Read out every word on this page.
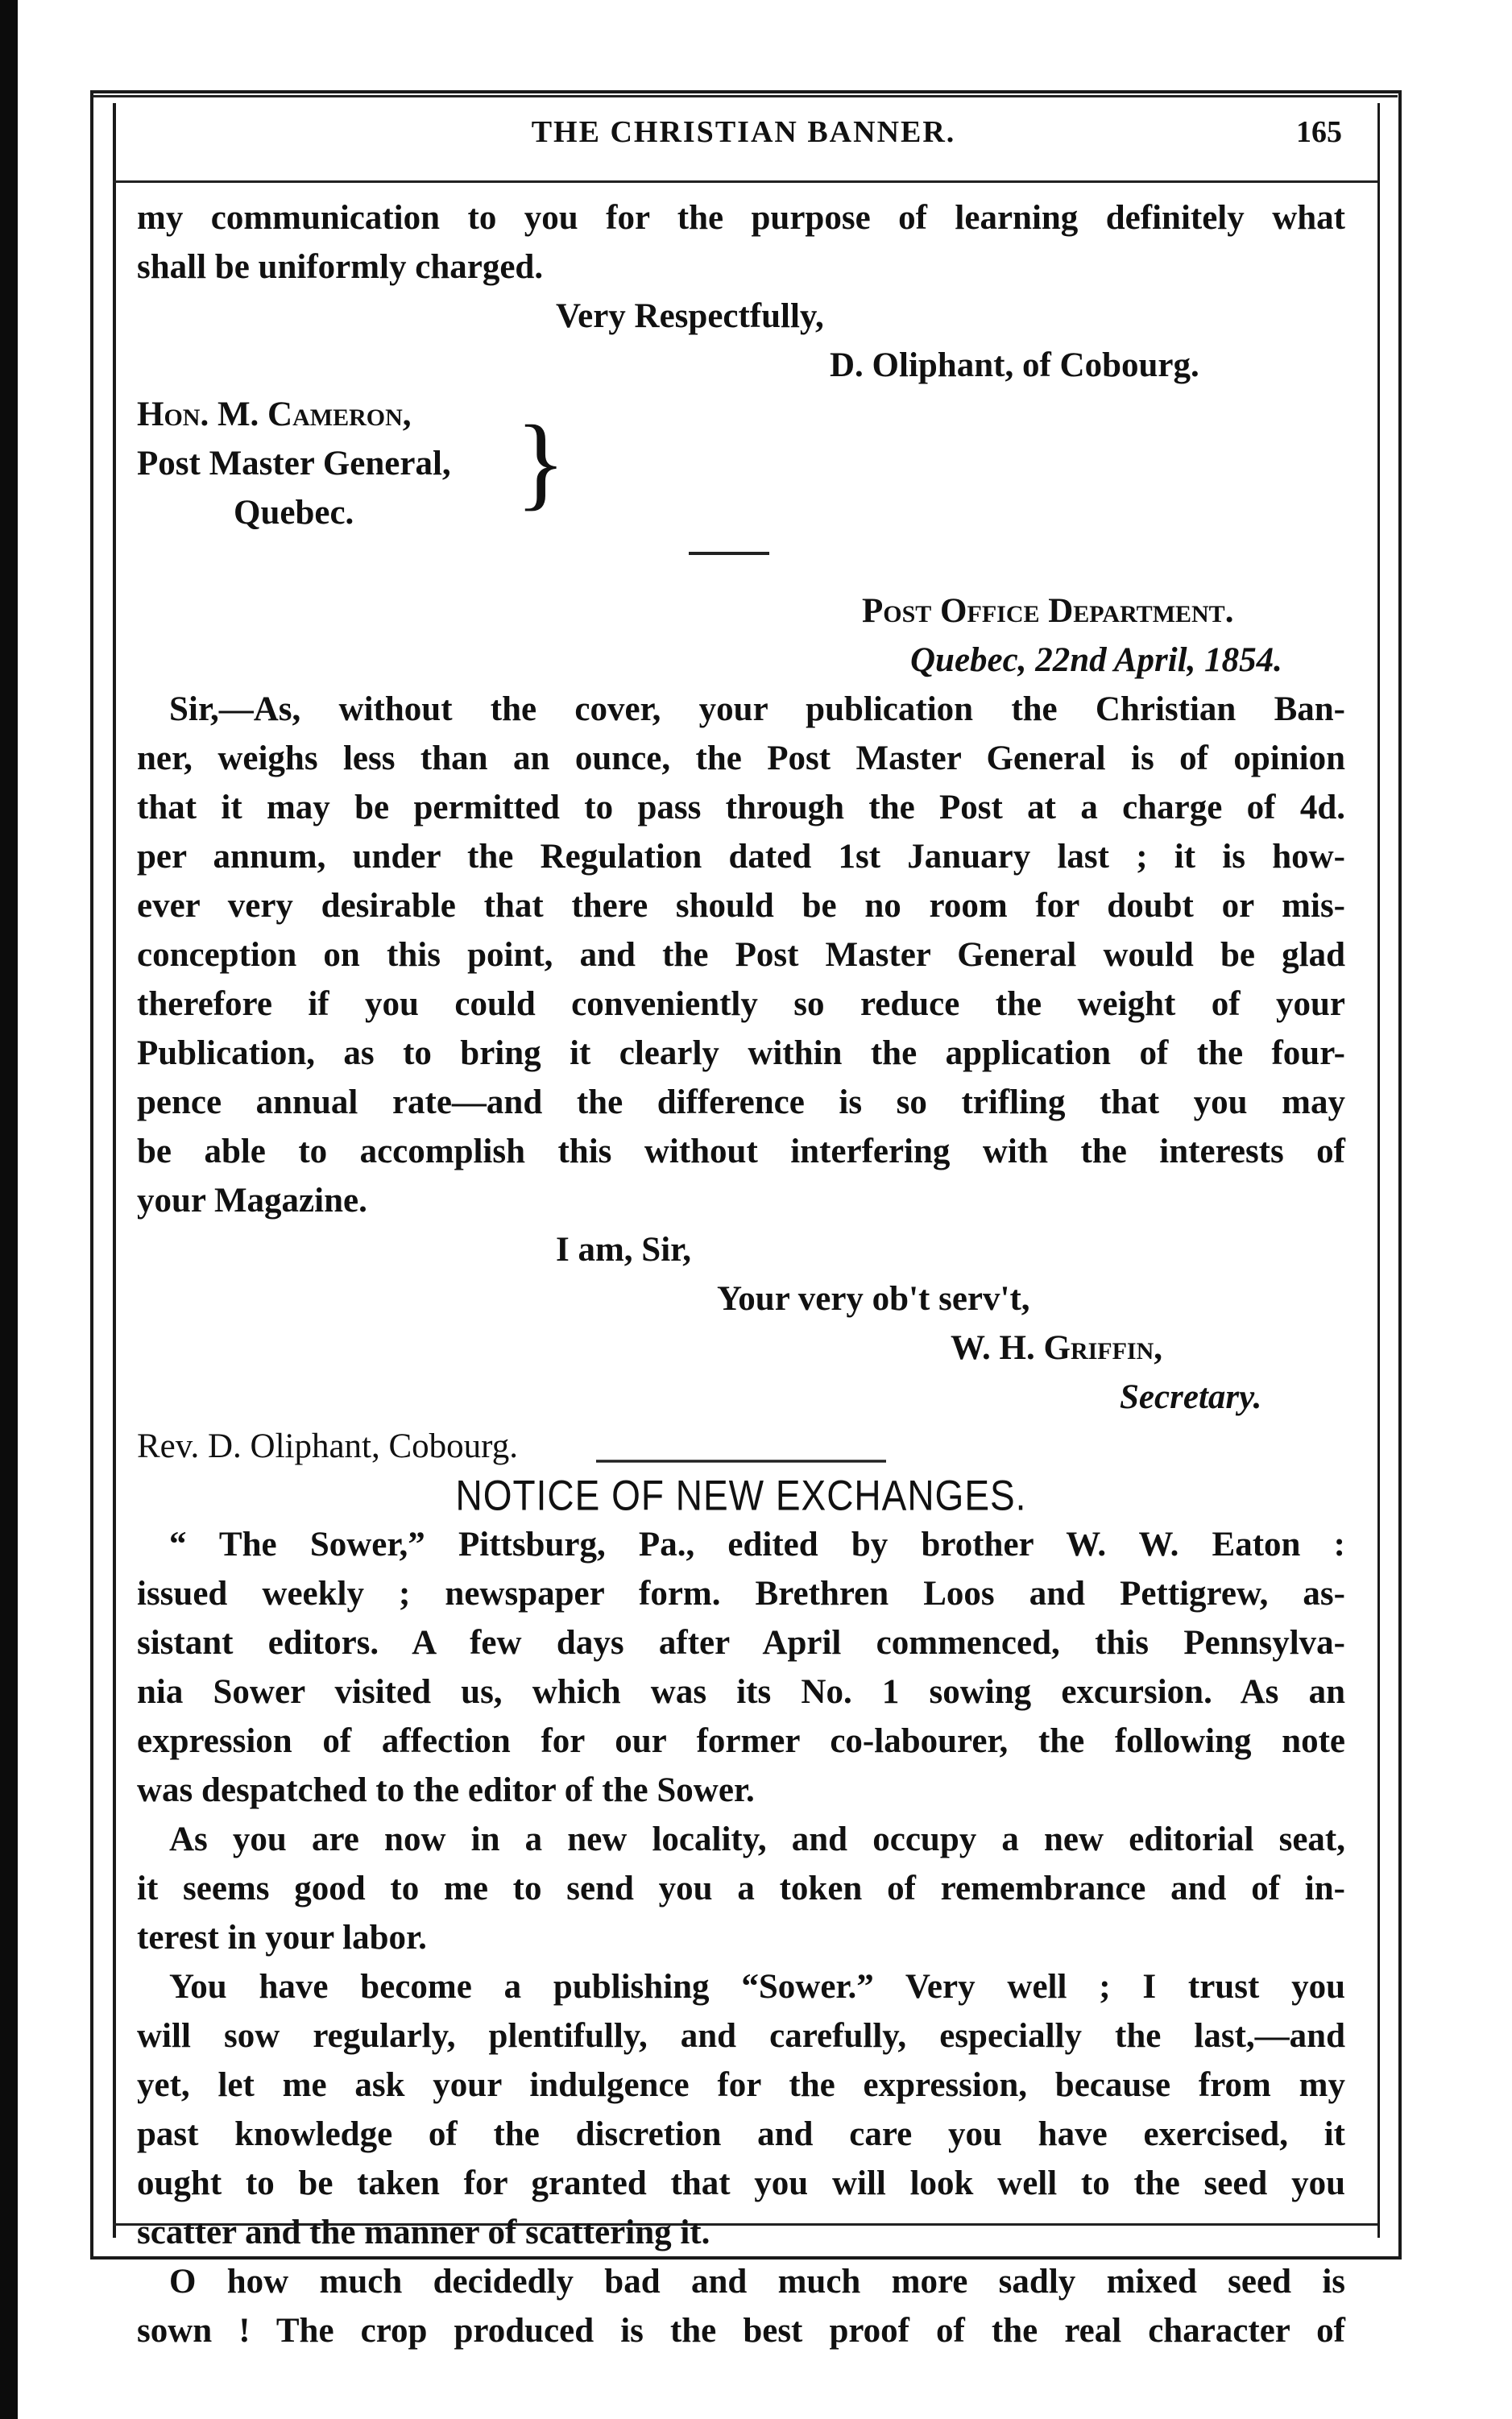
THE CHRISTIAN BANNER.	165
my communication to you for the purpose of learning definitely what
shall be uniformly charged.
Very Respectfully,
D. Oliphant, of Cobourg.
Hon. M. Cameron,
Post Master General,
Quebec.	}
Post Office Department.
Quebec, 22nd April, 1854.
Sir,—As, without the cover, your publication the Christian Ban-
ner, weighs less than an ounce, the Post Master General is of opinion
that it may be permitted to pass through the Post at a charge of 4d.
per annum, under the Regulation dated 1st January last ; it is how-
ever very desirable that there should be no room for doubt or mis-
conception on this point, and the Post Master General would be glad
therefore if you could conveniently so reduce the weight of your
Publication, as to bring it clearly within the application of the four-
pence annual rate—and the difference is so trifling that you may
be able to accomplish this without interfering with the interests of
your Magazine.
I am, Sir,
Your very ob't serv't,
W. H. Griffin,
Secretary.
Rev. D. Oliphant, Cobourg.
NOTICE OF NEW EXCHANGES.
“ The Sower,” Pittsburg, Pa., edited by brother W. W. Eaton :
issued weekly ; newspaper form. Brethren Loos and Pettigrew, as-
sistant editors. A few days after April commenced, this Pennsylva-
nia Sower visited us, which was its No. 1 sowing excursion. As an
expression of affection for our former co-labourer, the following note
was despatched to the editor of the Sower.
As you are now in a new locality, and occupy a new editorial seat,
it seems good to me to send you a token of remembrance and of in-
terest in your labor.
You have become a publishing “Sower.” Very well ; I trust you
will sow regularly, plentifully, and carefully, especially the last,—and
yet, let me ask your indulgence for the expression, because from my
past knowledge of the discretion and care you have exercised, it
ought to be taken for granted that you will look well to the seed you
scatter and the manner of scattering it.
O how much decidedly bad and much more sadly mixed seed is
sown ! The crop produced is the best proof of the real character of
